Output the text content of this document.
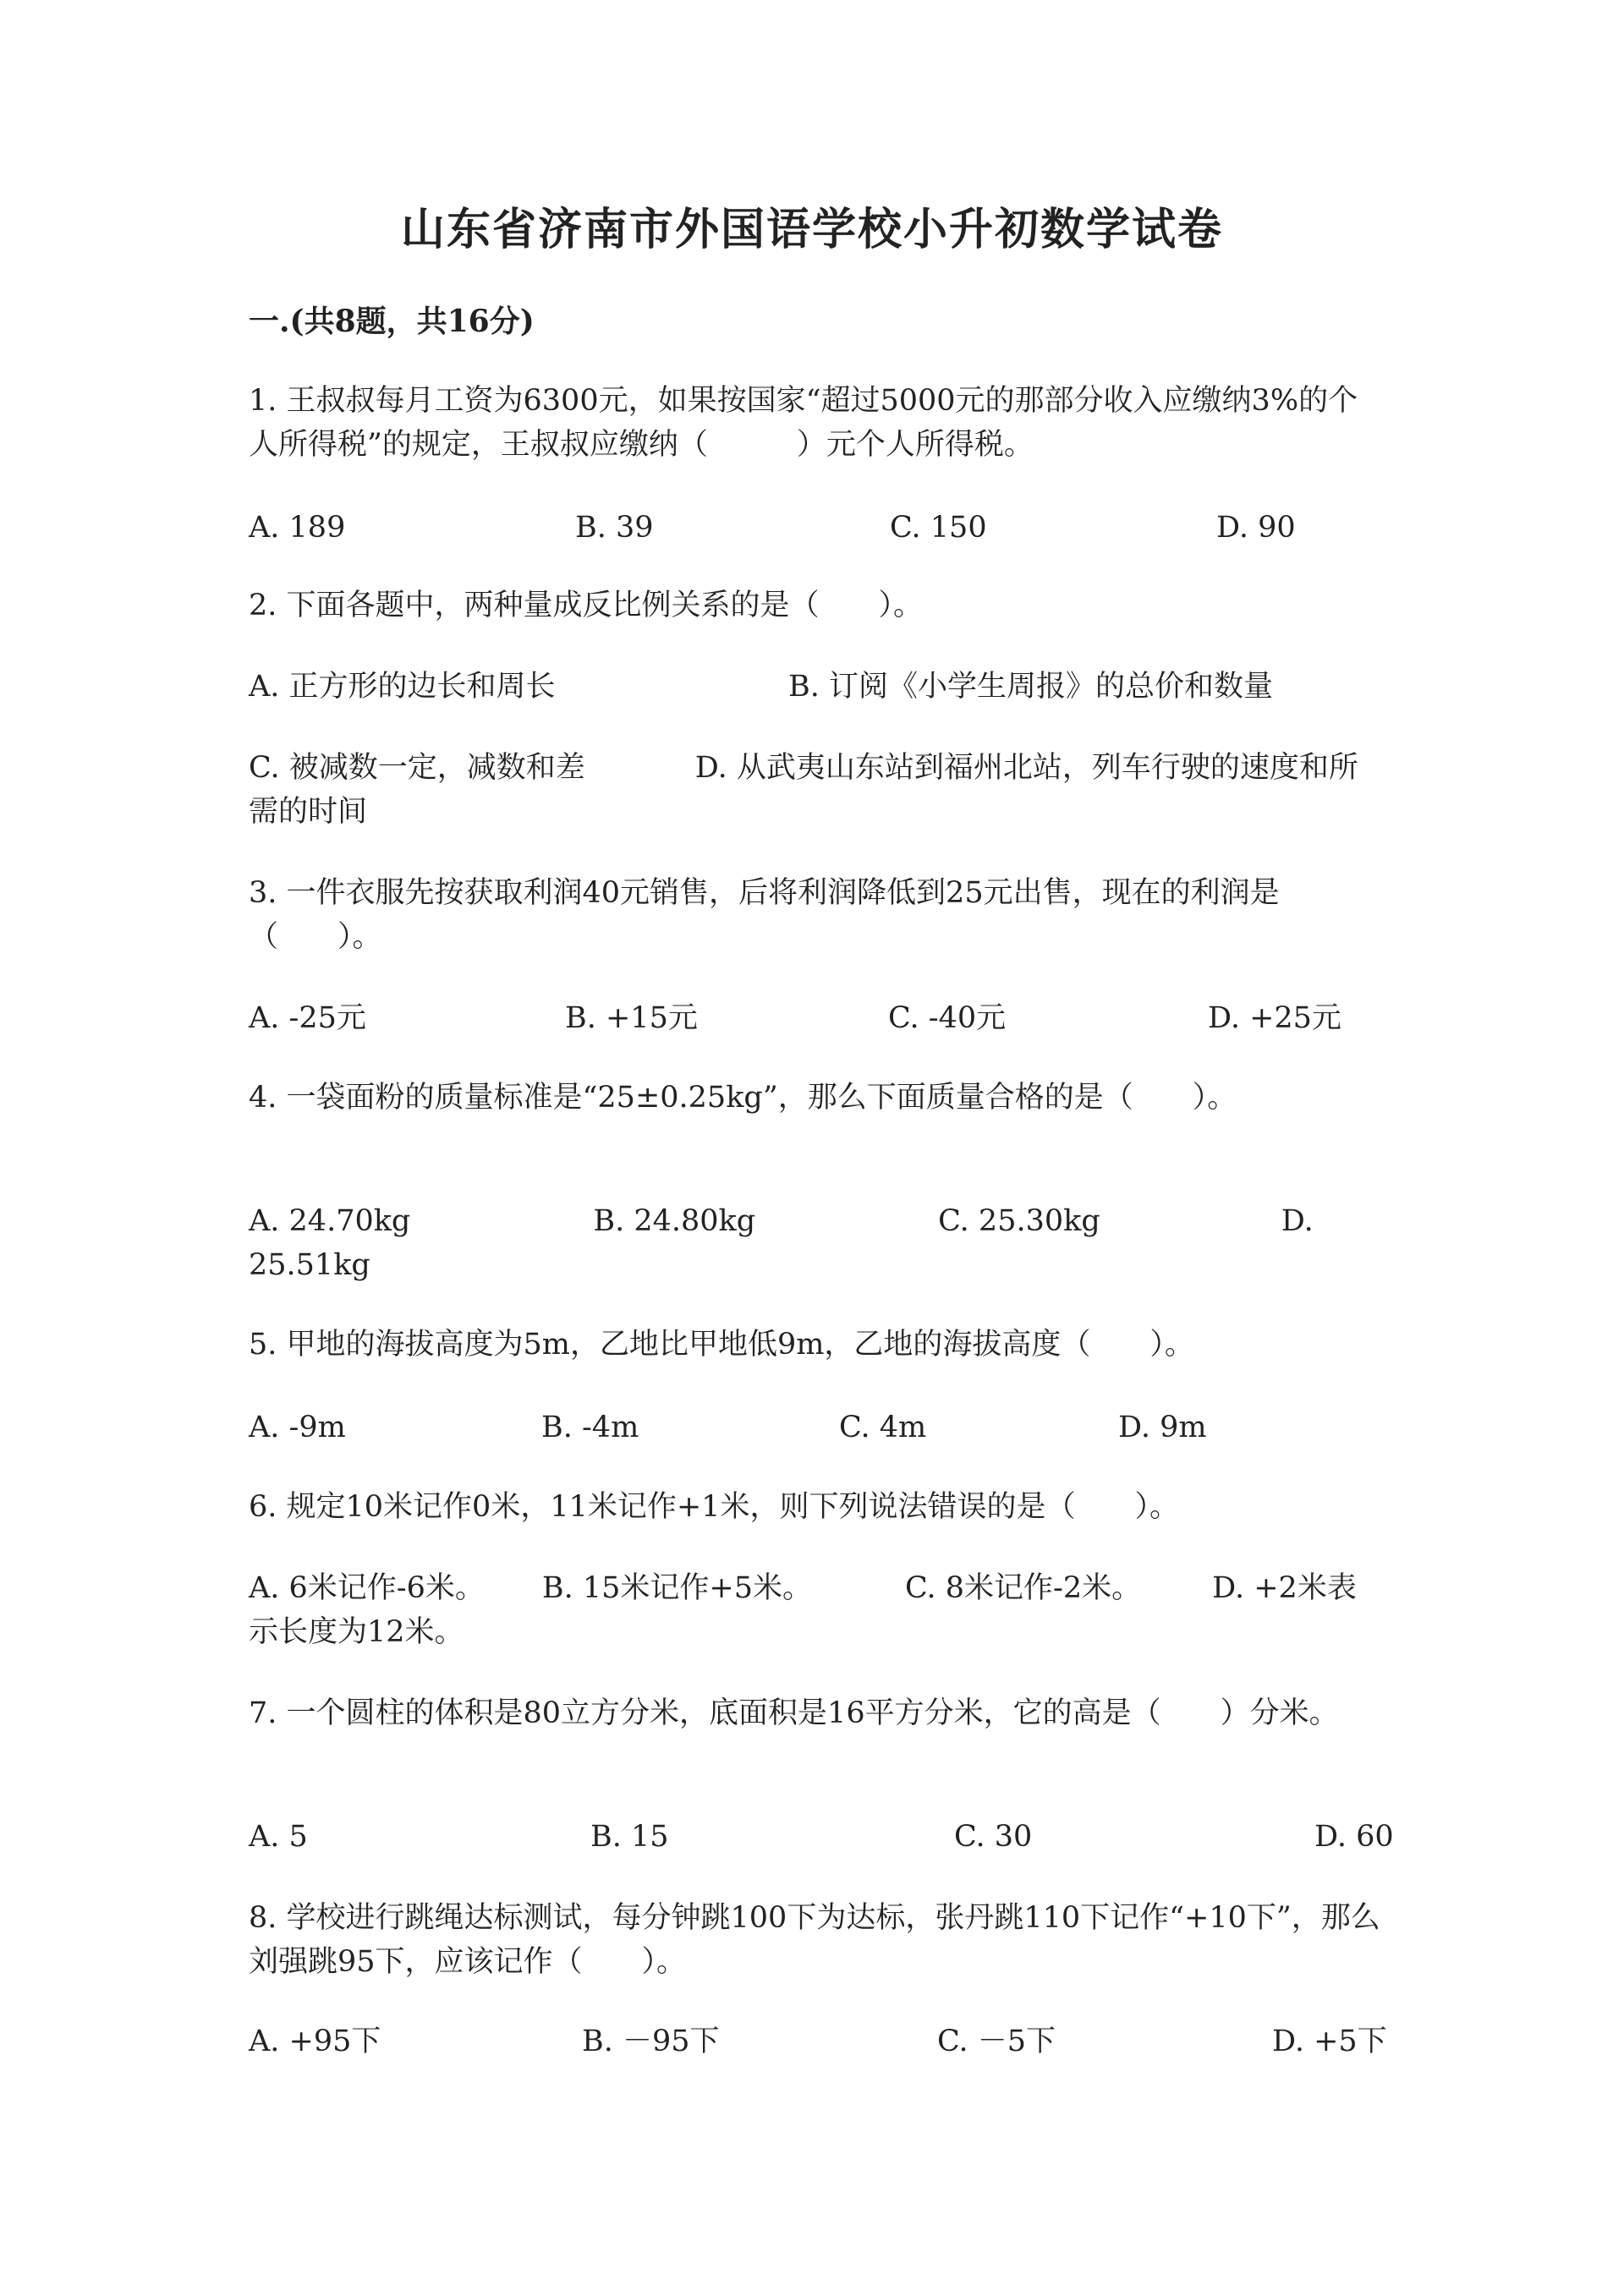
山东省济南市外国语学校小升初数学试卷
一.(共8题，共16分)
1. 王叔叔每月工资为6300元，如果按国家“超过5000元的那部分收入应缴纳3%的个人所得税”的规定，王叔叔应缴纳（　　　）元个人所得税。
A. 189	B. 39	C. 150	D. 90
2. 下面各题中，两种量成反比例关系的是（　　）。
A. 正方形的边长和周长	B. 订阅《小学生周报》的总价和数量
C. 被减数一定，减数和差	D. 从武夷山东站到福州北站，列车行驶的速度和所需的时间
3. 一件衣服先按获取利润40元销售，后将利润降低到25元出售，现在的利润是（　　）。
A. -25元	B. +15元	C. -40元	D. +25元
4. 一袋面粉的质量标准是“25±0.25kg”，那么下面质量合格的是（　　）。
A. 24.70kg	B. 24.80kg	C. 25.30kg	D. 25.51kg
5. 甲地的海拔高度为5m，乙地比甲地低9m，乙地的海拔高度（　　）。
A. -9m	B. -4m	C. 4m	D. 9m
6. 规定10米记作0米，11米记作+1米，则下列说法错误的是（　　）。
A. 6米记作-6米。 B. 15米记作+5米。	C. 8米记作-2米。 D. +2米表示长度为12米。
7. 一个圆柱的体积是80立方分米，底面积是16平方分米，它的高是（　　）分米。
A. 5	B. 15	C. 30	D. 60
8. 学校进行跳绳达标测试，每分钟跳100下为达标，张丹跳110下记作“+10下”，那么刘强跳95下，应该记作（　　）。
A. +95下	B. －95下	C. －5下	D. +5下
